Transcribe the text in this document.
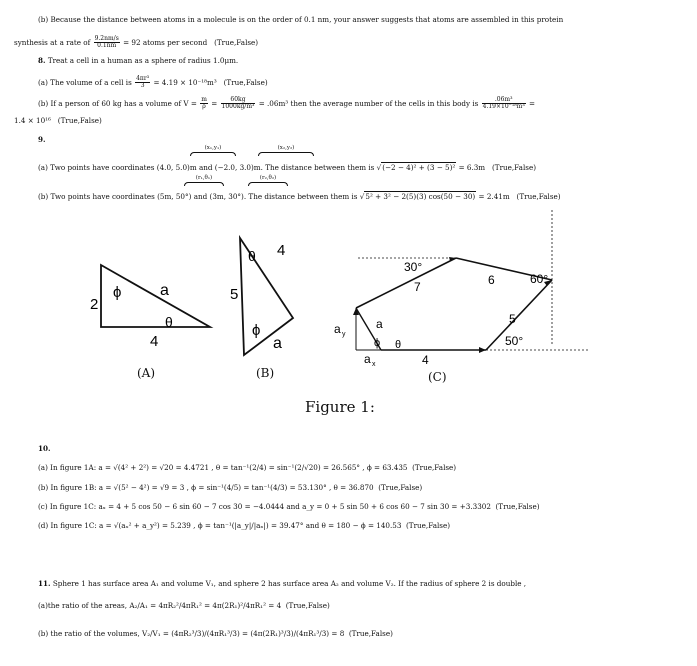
(b) Because the distance between atoms in a molecule is on the order of 0.1 nm, your answer suggests that atoms are assembled in this protein
synthesis at a rate of $\frac{9.2nm/s}{0.1nm} = 92$ atoms per second (True,False)
8. Treat a cell in a human as a sphere of radius 1.0μm.
(a) The volume of a cell is $\frac{\text{4πr³}}{3} = 4.19 \times 10^{-18}m^3$ (True,False)
(b) If a person of 60 kg has a volume of $V = \frac{m}{\rho} = \frac{60kg}{\text{1000kg/m³}} = .06m^3$ then the average number of the cells in this body is $\frac{\text{.06m³}}{\text{4.19×10⁻¹⁸m³}}$ =
1.4 × 10¹⁶ (True,False)
9.
(x₁,y₁)	(x₂,y₂)
(a) Two points have coordinates (4.0, 5.0)m and (−2.0, 3.0)m. The distance between them is √(−2 − 4)² + (3 − 5)² = 6.3m (True,False)
(r₁,θ₁)	(r₂,θ₂)
(b) Two points have coordinates (5m, 50°) and (3m, 30°). The distance between them is √5² + 3² − 2(5)(3) cos(50 − 30) = 2.41m (True,False)
ϕ a
θ
2
4
θ 4
5
ϕ
a
30°
60°
50°
7	6
5
4
a y
a x
a
ϕ θ
(A)	(B)	(C)
Figure 1:
10.
(a) In figure 1A: a = √(4² + 2²) = √20 = 4.4721 , θ = tan⁻¹(2/4) = sin⁻¹(2/√20) = 26.565° , ϕ = 63.435 (True,False)
(b) In figure 1B: a = √(5² − 4²) = √9 = 3 , ϕ = sin⁻¹(4/5) = tan⁻¹(4/3) = 53.130° , θ = 36.870 (True,False)
(c) In figure 1C: aₓ = 4 + 5 cos 50 − 6 sin 60 − 7 cos 30 = −4.0444 and a_y = 0 + 5 sin 50 + 6 cos 60 − 7 sin 30 = +3.3302 (True,False)
(d) In figure 1C: a = √(aₓ² + a_y²) = 5.239 , ϕ = tan⁻¹(|a_y|/|aₓ|) = 39.47° and θ = 180 − ϕ = 140.53 (True,False)
11. Sphere 1 has surface area A₁ and volume V₁, and sphere 2 has surface area A₂ and volume V₂. If the radius of sphere 2 is double ,
(a)the ratio of the areas, A₂/A₁ = 4πR₂²/4πR₁² = 4π(2R₁)²/4πR₁² = 4 (True,False)
(b) the ratio of the volumes, V₂/V₁ = (4πR₂³/3)/(4πR₁³/3) = (4π(2R₁)³/3)/(4πR₁³/3) = 8 (True,False)
